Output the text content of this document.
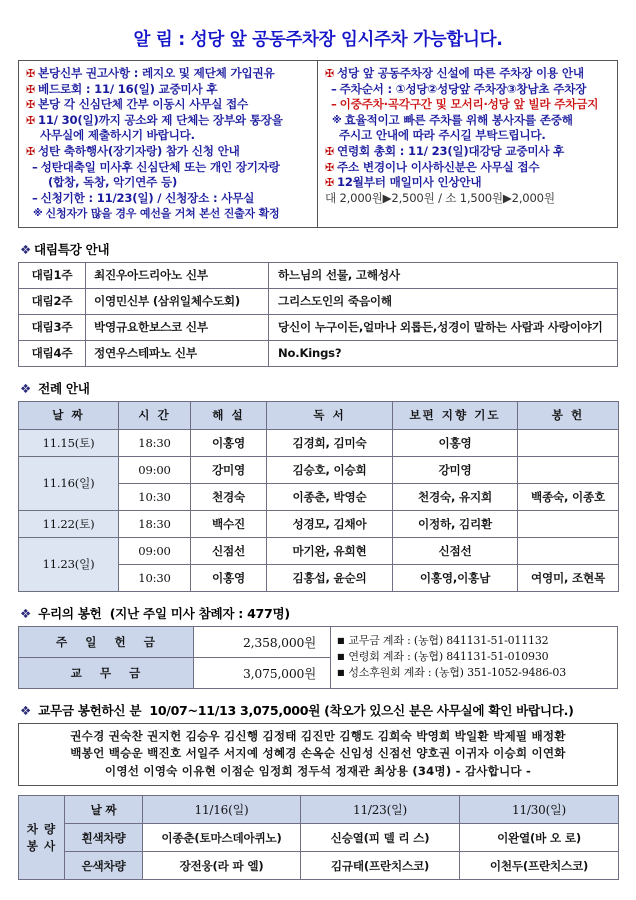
알 림 : 성당 앞 공동주차장 임시주차 가능합니다.
✠ 본당신부 권고사항 : 레지오 및 제단체 가입권유
✠ 베드로회 : 11/ 16(일) 교중미사 후
✠ 본당 각 신심단체 간부 이동시 사무실 접수
✠ 11/ 30(일)까지 공소와 제 단체는 장부와 통장을
사무실에 제출하시기 바랍니다.
✠ 성탄 축하행사(장기자랑) 참가 신청 안내
– 성탄대축일 미사후 신심단체 또는 개인 장기자랑
(합창, 독창, 악기연주 등)
– 신청기한 : 11/23(일) / 신청장소 : 사무실
※ 신청자가 많을 경우 예선을 거쳐 본선 진출자 확정
✠ 성당 앞 공동주차장 신설에 따른 주차장 이용 안내
– 주차순서 : ①성당②성당앞 주차장③창남초 주차장
– 이중주차·곡각구간 및 모서리·성당 앞 빌라 주차금지
※ 효율적이고 빠른 주차를 위해 봉사자를 존중해
주시고 안내에 따라 주시길 부탁드립니다.
✠ 연령회 총회 : 11/ 23(일)대강당 교중미사 후
✠ 주소 변경이나 이사하신분은 사무실 접수
✠ 12월부터 매일미사 인상안내
대 2,000원▶2,500원 / 소 1,500원▶2,000원
❖ 대림특강 안내
대림1주	최진우아드리아노 신부	하느님의 선물, 고해성사
대림2주	이영민신부 (삼위일체수도회)	그리스도인의 죽음이해
대림3주	박영규요한보스코 신부	당신이 누구이든,얼마나 외롭든,성경이 말하는 사람과 사랑이야기
대림4주	정연우스테파노 신부	No.Kings?
❖ 전례 안내
날 짜	시 간	해 설	독 서	보편 지향 기도	봉 헌
11.15(토)	18:30	이홍영	김경희, 김미숙	이홍영	
11.16(일)	09:00	강미영	김승호, 이승희	강미영	
	10:30	천경숙	이종춘, 박영순	천경숙, 유지희	백종숙, 이종호
11.22(토)	18:30	백수진	성경모, 김채아	이정하, 김리환	
11.23(일)	09:00	신점선	마기완, 유희현	신점선	
	10:30	이홍영	김홍섭, 윤순의	이홍영,이홍남	여영미, 조현목
❖ 우리의 봉헌 (지난 주일 미사 참례자 : 477명)
주 일 헌 금	2,358,000원	■ 교무금 계좌 : (농협) 841131-51-011132
■ 연령회 계좌 : (농협) 841131-51-010930
■ 성소후원회 계좌 : (농협) 351-1052-9486-03

교 무 금	3,075,000원	
❖ 교무금 봉헌하신 분 10/07~11/13 3,075,000원 (착오가 있으신 분은 사무실에 확인 바랍니다.)
권수경 권숙찬 권지헌 김승우 김신행 김정태 김진만 김행도 김희숙 박영희 박일환 박제필 배정환
백봉언 백승운 백진호 서일주 서지예 성혜경 손옥순 신임성 신점선 양호권 이귀자 이승희 이연화
이영선 이영숙 이유현 이점순 임정희 정두석 정재관 최상용 (34명) - 감사합니다 -
차 량
봉 사	날 짜	11/16(일)	11/23(일)	11/30(일)
	흰색차량	이종춘(토마스데아퀴노)	신승열(피 델 리 스)	이완열(바 오 로)
	은색차량	장전웅(라 파 엘)	김규태(프란치스코)	이천두(프란치스코)
